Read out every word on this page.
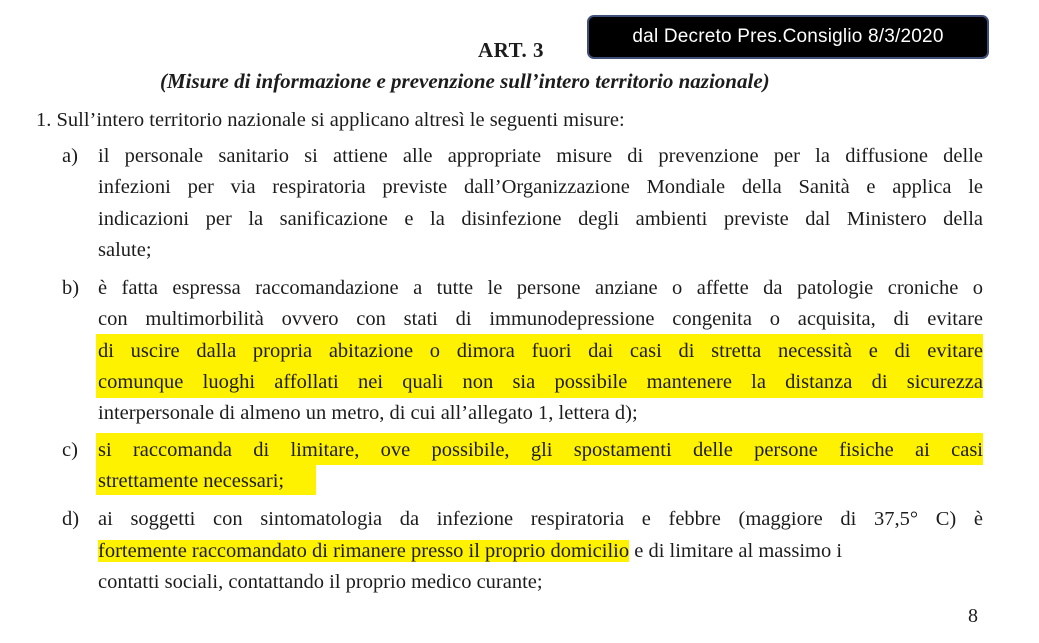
dal Decreto Pres.Consiglio 8/3/2020
ART. 3
(Misure di informazione e prevenzione sull’intero territorio nazionale)
1. Sull’intero territorio nazionale si applicano altresì le seguenti misure:
a) il personale sanitario si attiene alle appropriate misure di prevenzione per la diffusione delle
infezioni per via respiratoria previste dall’Organizzazione Mondiale della Sanità e applica le
indicazioni per la sanificazione e la disinfezione degli ambienti previste dal Ministero della
salute;
b) è fatta espressa raccomandazione a tutte le persone anziane o affette da patologie croniche o
con multimorbilità ovvero con stati di immunodepressione congenita o acquisita, di evitare
di uscire dalla propria abitazione o dimora fuori dai casi di stretta necessità e di evitare
comunque luoghi affollati nei quali non sia possibile mantenere la distanza di sicurezza
interpersonale di almeno un metro, di cui all’allegato 1, lettera d);
c) si raccomanda di limitare, ove possibile, gli spostamenti delle persone fisiche ai casi
strettamente necessari;
d) ai soggetti con sintomatologia da infezione respiratoria e febbre (maggiore di 37,5° C) è
fortemente raccomandato di rimanere presso il proprio domicilio e di limitare al massimo i
contatti sociali, contattando il proprio medico curante;
8
